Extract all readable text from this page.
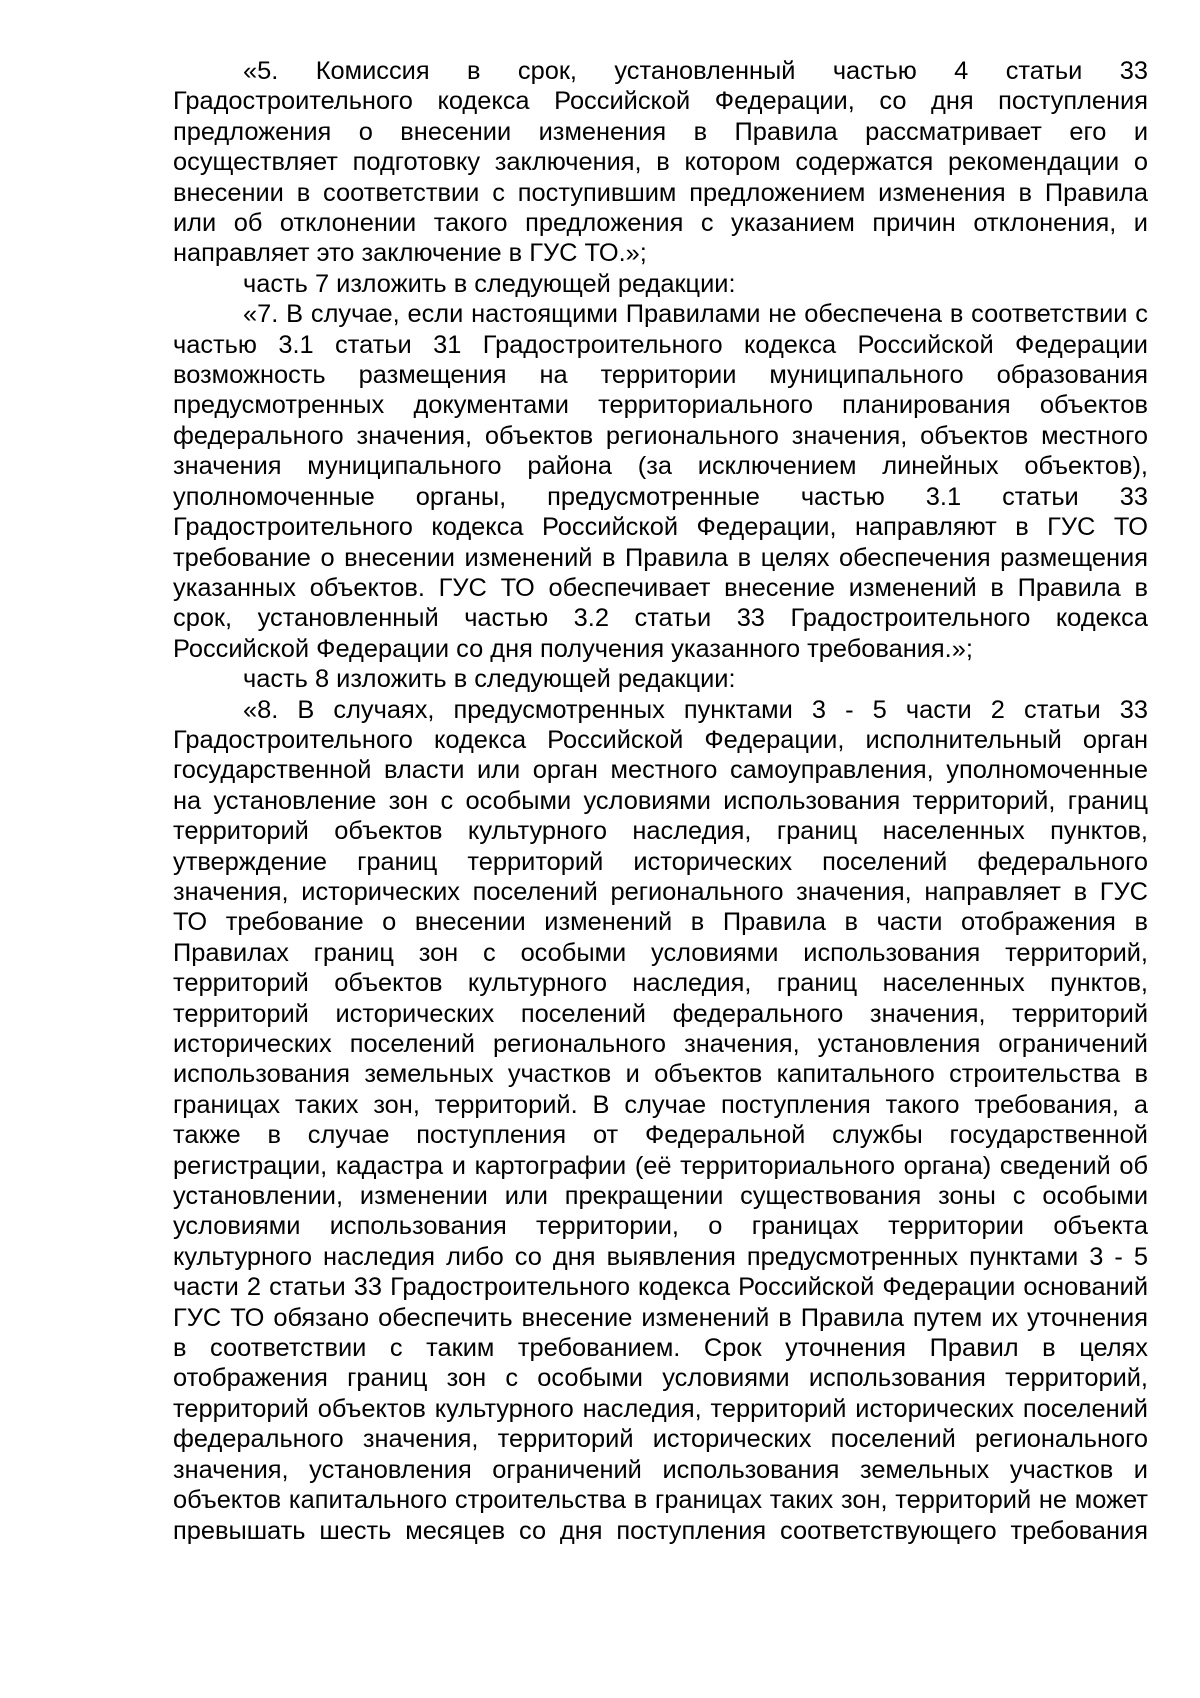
«5. Комиссия в срок, установленный частью 4 статьи 33 Градостроительного кодекса Российской Федерации, со дня поступления предложения о внесении изменения в Правила рассматривает его и осуществляет подготовку заключения, в котором содержатся рекомендации о внесении в соответствии с поступившим предложением изменения в Правила или об отклонении такого предложения с указанием причин отклонения, и направляет это заключение в ГУС ТО.»;

часть 7 изложить в следующей редакции:

«7. В случае, если настоящими Правилами не обеспечена в соответствии с частью 3.1 статьи 31 Градостроительного кодекса Российской Федерации возможность размещения на территории муниципального образования предусмотренных документами территориального планирования объектов федерального значения, объектов регионального значения, объектов местного значения муниципального района (за исключением линейных объектов), уполномоченные органы, предусмотренные частью 3.1 статьи 33 Градостроительного кодекса Российской Федерации, направляют в ГУС ТО требование о внесении изменений в Правила в целях обеспечения размещения указанных объектов. ГУС ТО обеспечивает внесение изменений в Правила в срок, установленный частью 3.2 статьи 33 Градостроительного кодекса Российской Федерации со дня получения указанного требования.»;

часть 8 изложить в следующей редакции:

«8. В случаях, предусмотренных пунктами 3 - 5 части 2 статьи 33 Градостроительного кодекса Российской Федерации, исполнительный орган государственной власти или орган местного самоуправления, уполномоченные на установление зон с особыми условиями использования территорий, границ территорий объектов культурного наследия, границ населенных пунктов, утверждение границ территорий исторических поселений федерального значения, исторических поселений регионального значения, направляет в ГУС ТО требование о внесении изменений в Правила в части отображения в Правилах границ зон с особыми условиями использования территорий, территорий объектов культурного наследия, границ населенных пунктов, территорий исторических поселений федерального значения, территорий исторических поселений регионального значения, установления ограничений использования земельных участков и объектов капитального строительства в границах таких зон, территорий. В случае поступления такого требования, а также в случае поступления от Федеральной службы государственной регистрации, кадастра и картографии (её территориального органа) сведений об установлении, изменении или прекращении существования зоны с особыми условиями использования территории, о границах территории объекта культурного наследия либо со дня выявления предусмотренных пунктами 3 - 5 части 2 статьи 33 Градостроительного кодекса Российской Федерации оснований ГУС ТО обязано обеспечить внесение изменений в Правила путем их уточнения в соответствии с таким требованием. Срок уточнения Правил в целях отображения границ зон с особыми условиями использования территорий, территорий объектов культурного наследия, территорий исторических поселений федерального значения, территорий исторических поселений регионального значения, установления ограничений использования земельных участков и объектов капитального строительства в границах таких зон, территорий не может превышать шесть месяцев со дня поступления соответствующего требования
